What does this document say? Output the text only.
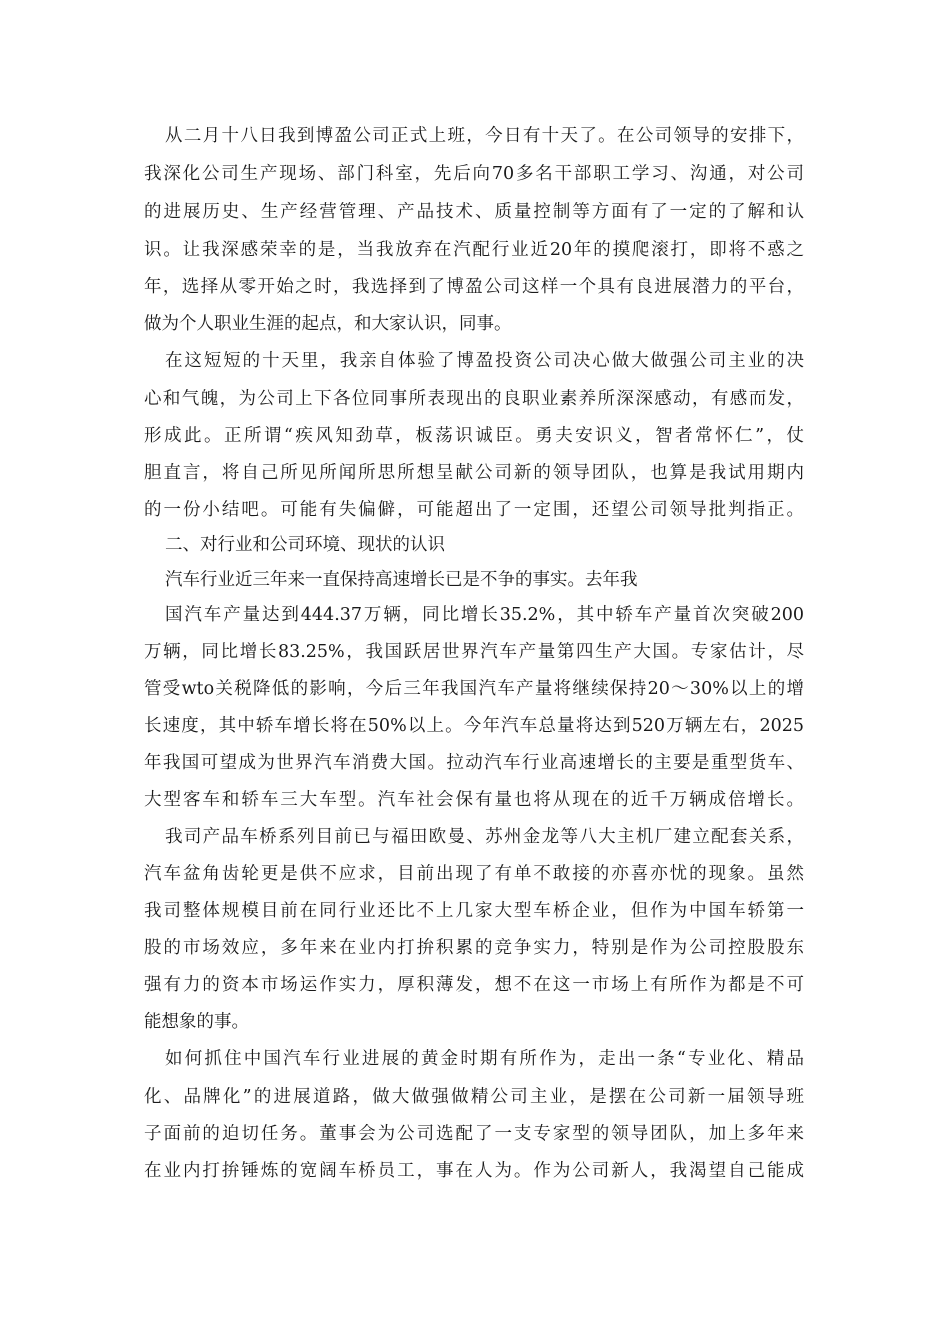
从二月十八日我到博盈公司正式上班，今日有十天了。在公司领导的安排下，
我深化公司生产现场、部门科室，先后向70多名干部职工学习、沟通，对公司
的进展历史、生产经营管理、产品技术、质量控制等方面有了一定的了解和认
识。让我深感荣幸的是，当我放弃在汽配行业近20年的摸爬滚打，即将不惑之
年，选择从零开始之时，我选择到了博盈公司这样一个具有良进展潜力的平台，
做为个人职业生涯的起点，和大家认识，同事。
在这短短的十天里，我亲自体验了博盈投资公司决心做大做强公司主业的决
心和气魄，为公司上下各位同事所表现出的良职业素养所深深感动，有感而发，
形成此。正所谓“疾风知劲草，板荡识诚臣。勇夫安识义，智者常怀仁”，仗
胆直言，将自己所见所闻所思所想呈献公司新的领导团队，也算是我试用期内
的一份小结吧。可能有失偏僻，可能超出了一定围，还望公司领导批判指正。
二、对行业和公司环境、现状的认识
汽车行业近三年来一直保持高速增长已是不争的事实。去年我
国汽车产量达到444.37万辆，同比增长35.2%，其中轿车产量首次突破200
万辆，同比增长83.25%，我国跃居世界汽车产量第四生产大国。专家估计，尽
管受wto关税降低的影响，今后三年我国汽车产量将继续保持20～30%以上的增
长速度，其中轿车增长将在50%以上。今年汽车总量将达到520万辆左右，2025
年我国可望成为世界汽车消费大国。拉动汽车行业高速增长的主要是重型货车、
大型客车和轿车三大车型。汽车社会保有量也将从现在的近千万辆成倍增长。
我司产品车桥系列目前已与福田欧曼、苏州金龙等八大主机厂建立配套关系，
汽车盆角齿轮更是供不应求，目前出现了有单不敢接的亦喜亦忧的现象。虽然
我司整体规模目前在同行业还比不上几家大型车桥企业，但作为中国车轿第一
股的市场效应，多年来在业内打拚积累的竞争实力，特别是作为公司控股股东
强有力的资本市场运作实力，厚积薄发，想不在这一市场上有所作为都是不可
能想象的事。
如何抓住中国汽车行业进展的黄金时期有所作为，走出一条“专业化、精品
化、品牌化”的进展道路，做大做强做精公司主业，是摆在公司新一届领导班
子面前的迫切任务。董事会为公司选配了一支专家型的领导团队，加上多年来
在业内打拚锤炼的宽阔车桥员工，事在人为。作为公司新人，我渴望自己能成
